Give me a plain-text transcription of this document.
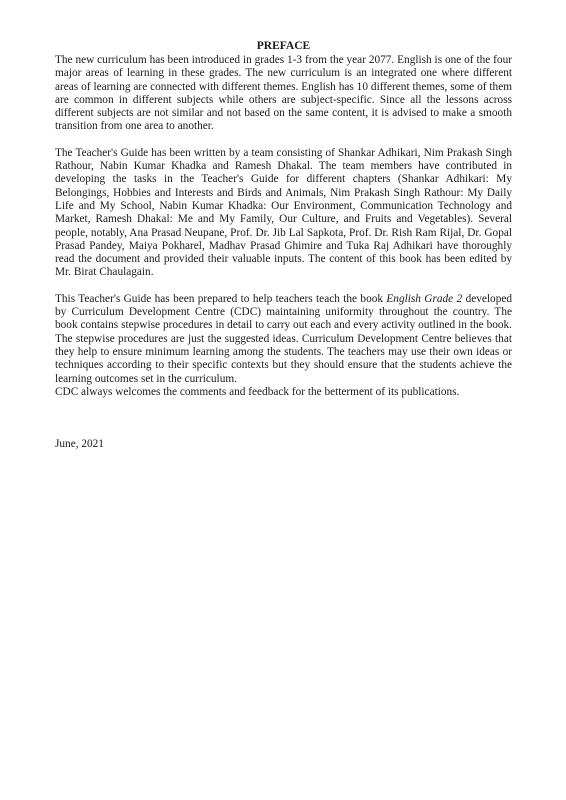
PREFACE

The new curriculum has been introduced in grades 1-3 from the year 2077. English is one of the four major areas of learning in these grades. The new curriculum is an integrated one where different areas of learning are connected with different themes. English has 10 different themes, some of them are common in different subjects while others are subject-specific. Since all the lessons across different subjects are not similar and not based on the same content, it is advised to make a smooth transition from one area to another.

The Teacher's Guide has been written by a team consisting of Shankar Adhikari, Nim Prakash Singh Rathour, Nabin Kumar Khadka and Ramesh Dhakal. The team members have contributed in developing the tasks in the Teacher's Guide for different chapters (Shankar Adhikari: My Belongings, Hobbies and Interests and Birds and Animals, Nim Prakash Singh Rathour: My Daily Life and My School, Nabin Kumar Khadka: Our Environment, Communication Technology and Market, Ramesh Dhakal: Me and My Family, Our Culture, and Fruits and Vegetables). Several people, notably, Ana Prasad Neupane, Prof. Dr. Jib Lal Sapkota, Prof. Dr. Rish Ram Rijal, Dr. Gopal Prasad Pandey, Maiya Pokharel, Madhav Prasad Ghimire and Tuka Raj Adhikari have thoroughly read the document and provided their valuable inputs. The content of this book has been edited by Mr. Birat Chaulagain.

This Teacher's Guide has been prepared to help teachers teach the book English Grade 2 developed by Curriculum Development Centre (CDC) maintaining uniformity throughout the country. The book contains stepwise procedures in detail to carry out each and every activity outlined in the book. The stepwise procedures are just the suggested ideas. Curriculum Development Centre believes that they help to ensure minimum learning among the students. The teachers may use their own ideas or techniques according to their specific contexts but they should ensure that the students achieve the learning outcomes set in the curriculum.

CDC always welcomes the comments and feedback for the betterment of its publications.

June, 2021
